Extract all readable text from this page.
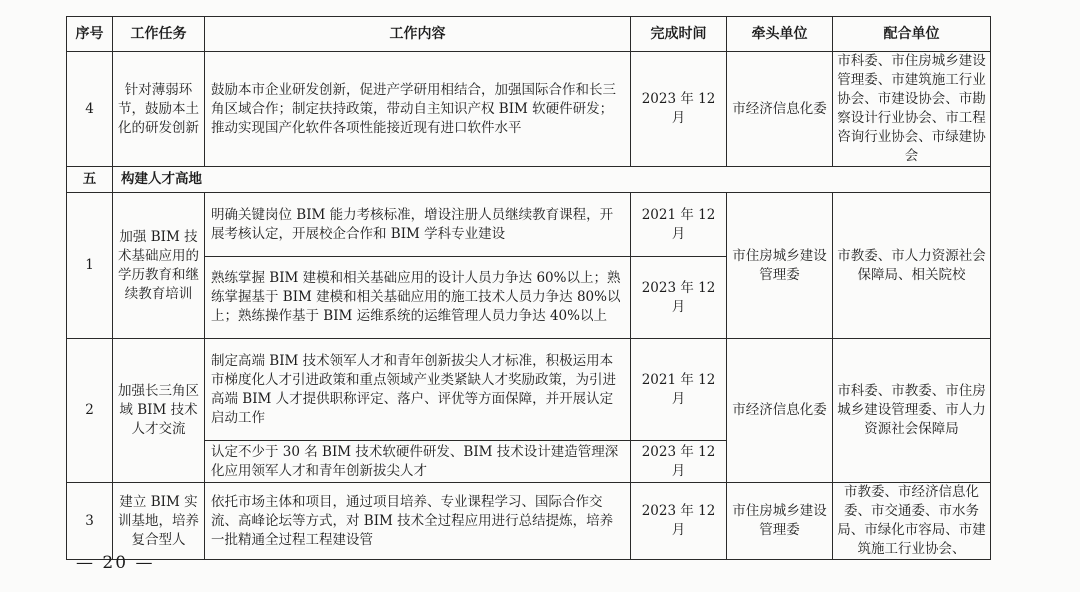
序号	工作任务	工作内容	完成时间	牵头单位	配合单位
4	针对薄弱环节，鼓励本土化的研发创新	鼓励本市企业研发创新，促进产学研用相结合，加强国际合作和长三角区域合作；制定扶持政策，带动自主知识产权 BIM 软硬件研发；推动实现国产化软件各项性能接近现有进口软件水平	2023 年 12 月	市经济信息化委	市科委、市住房城乡建设管理委、市建筑施工行业协会、市建设协会、市勘察设计行业协会、市工程咨询行业协会、市绿建协会
五	构建人才高地				
1	加强 BIM 技术基础应用的学历教育和继续教育培训	明确关键岗位 BIM 能力考核标准，增设注册人员继续教育课程，开展考核认定，开展校企合作和 BIM 学科专业建设	2021 年 12 月	市住房城乡建设管理委	市教委、市人力资源社会保障局、相关院校
		熟练掌握 BIM 建模和相关基础应用的设计人员力争达 60%以上；熟练掌握基于 BIM 建模和相关基础应用的施工技术人员力争达 80%以上；熟练操作基于 BIM 运维系统的运维管理人员力争达 40%以上	2023 年 12 月		
2	加强长三角区域 BIM 技术人才交流	制定高端 BIM 技术领军人才和青年创新拔尖人才标准，积极运用本市梯度化人才引进政策和重点领域产业类紧缺人才奖励政策，为引进高端 BIM 人才提供职称评定、落户、评优等方面保障，并开展认定启动工作	2021 年 12 月	市经济信息化委	市科委、市教委、市住房城乡建设管理委、市人力资源社会保障局
		认定不少于 30 名 BIM 技术软硬件研发、BIM 技术设计建造管理深化应用领军人才和青年创新拔尖人才	2023 年 12 月		
3	建立 BIM 实训基地，培养复合型人	依托市场主体和项目，通过项目培养、专业课程学习、国际合作交流、高峰论坛等方式，对 BIM 技术全过程应用进行总结提炼，培养一批精通全过程工程建设管	2023 年 12 月	市住房城乡建设管理委	市教委、市经济信息化委、市交通委、市水务局、市绿化市容局、市建筑施工行业协会、
— 20 —
